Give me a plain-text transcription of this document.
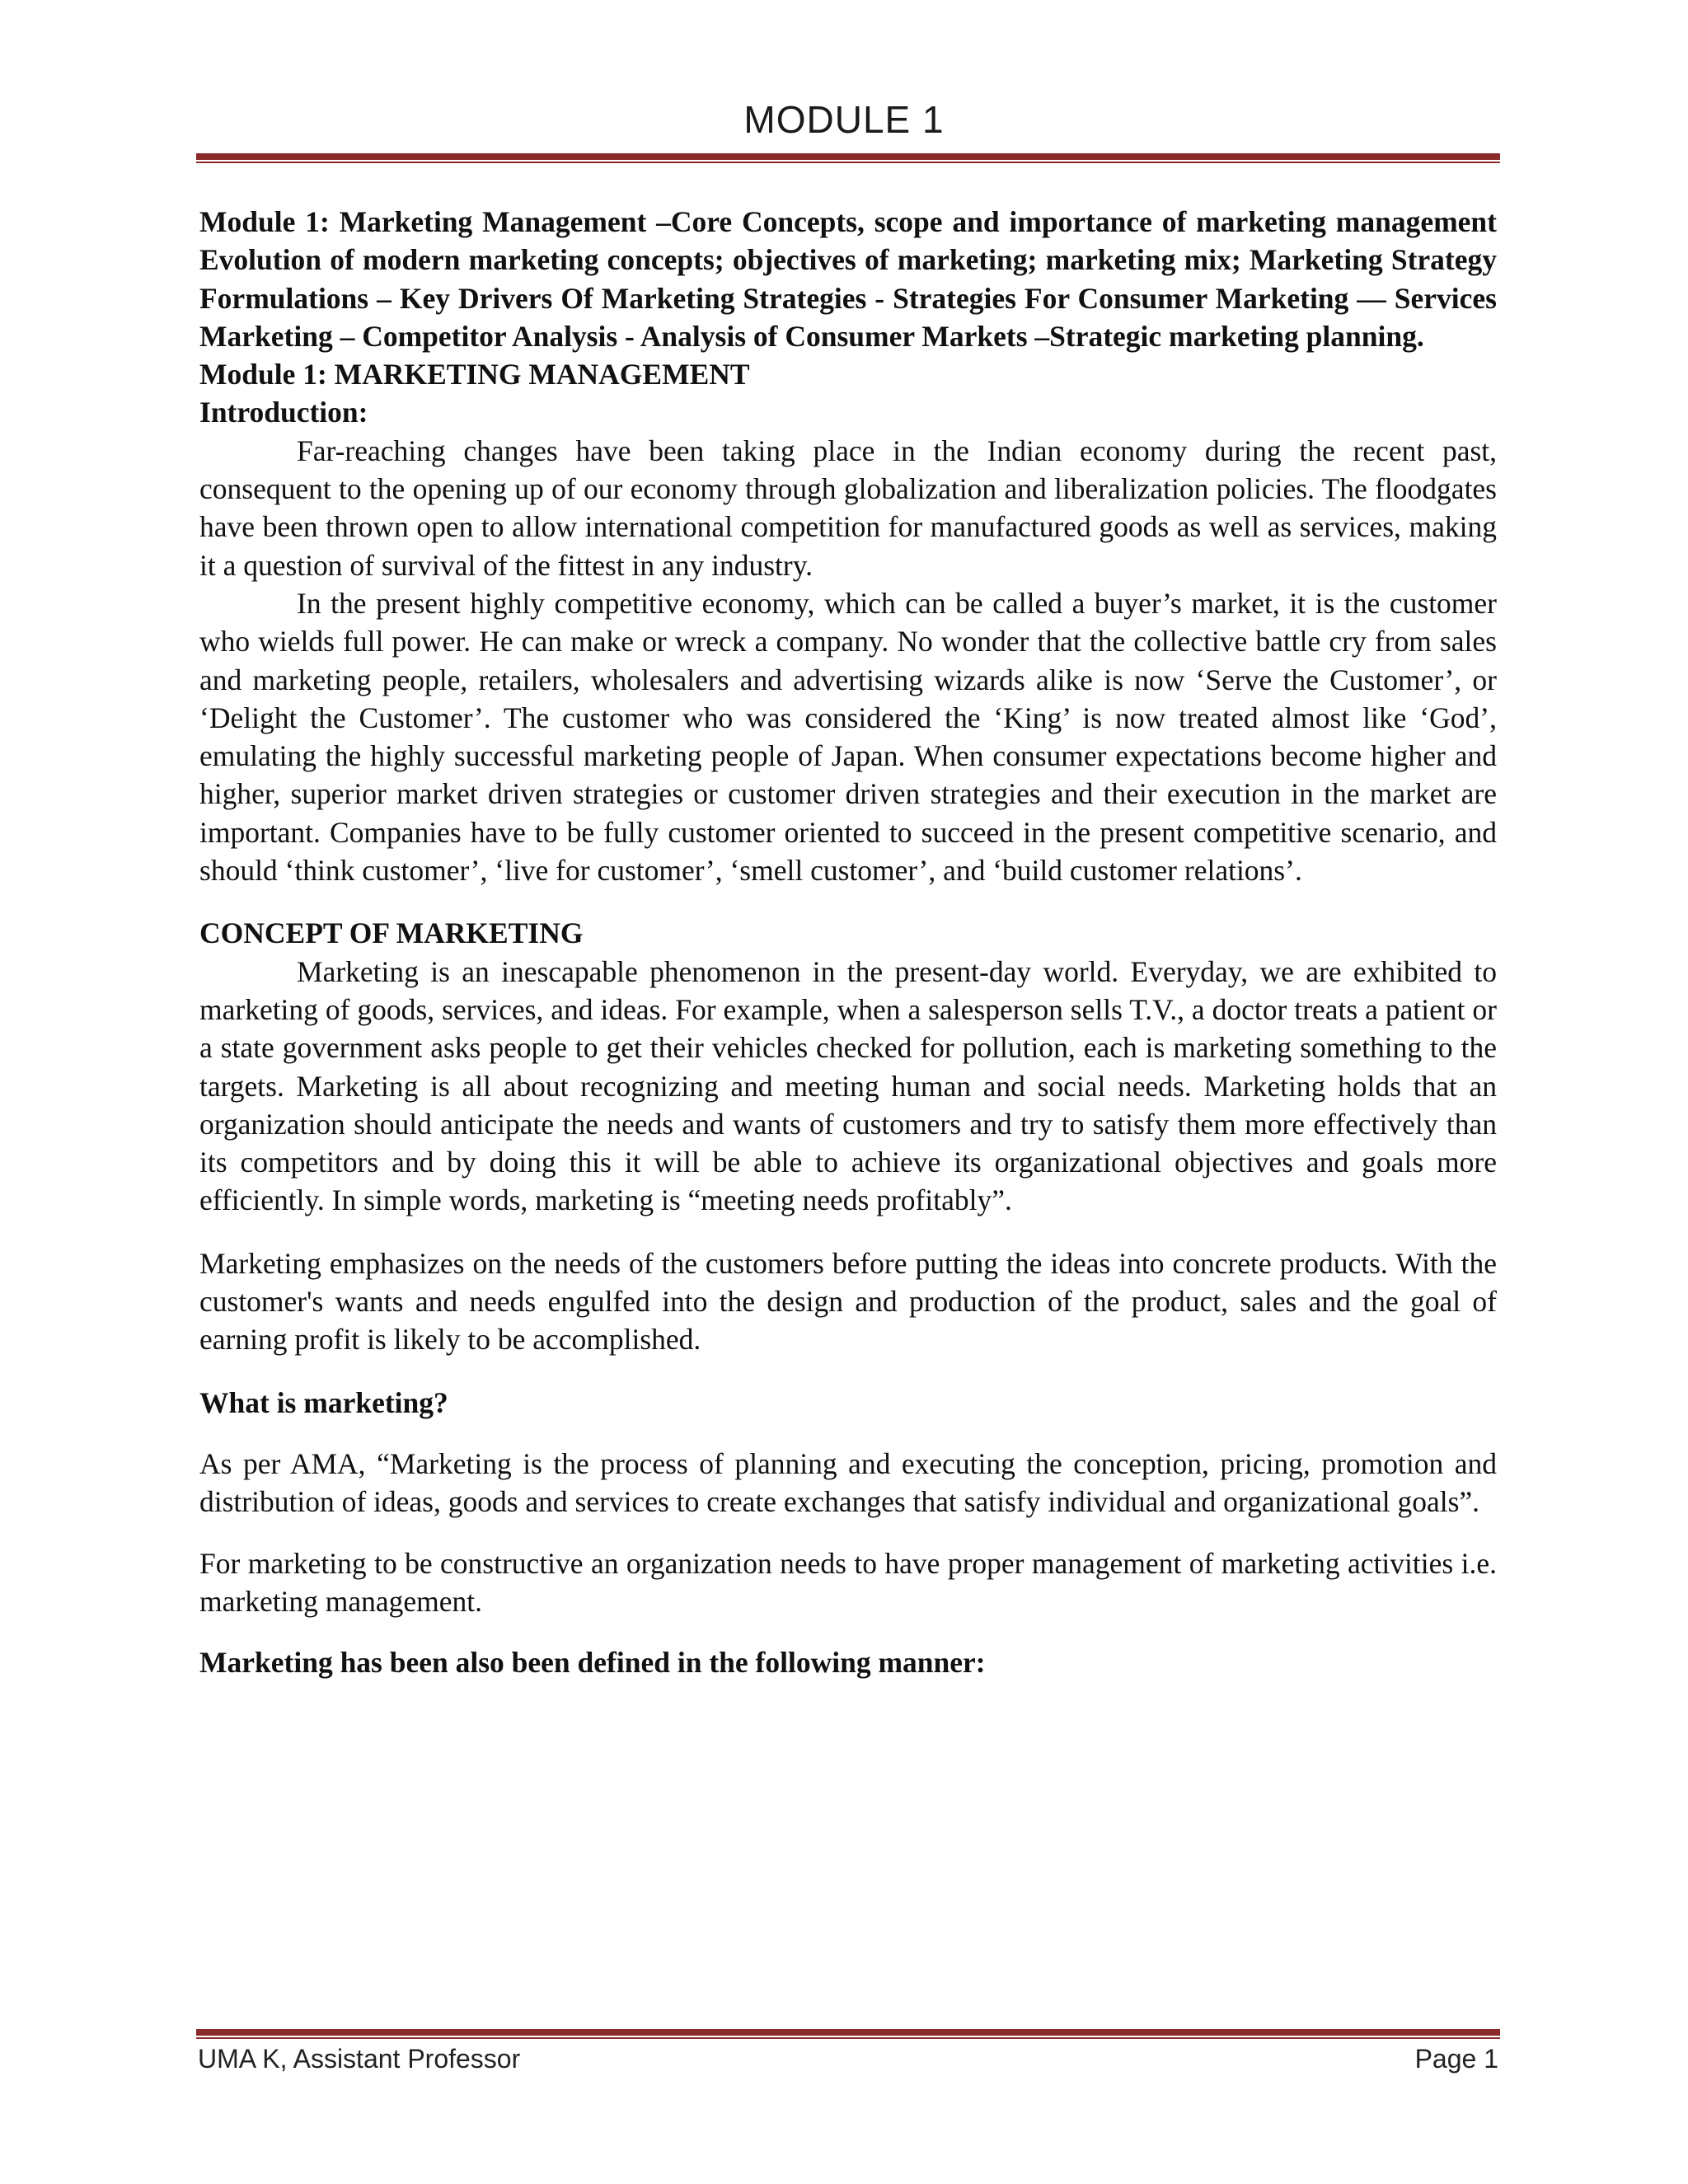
MODULE 1

Module 1: Marketing Management –Core Concepts, scope and importance of marketing management Evolution of modern marketing concepts; objectives of marketing; marketing mix; Marketing Strategy Formulations – Key Drivers Of Marketing Strategies - Strategies For Consumer Marketing — Services Marketing – Competitor Analysis - Analysis of Consumer Markets –Strategic marketing planning.

Module 1: MARKETING MANAGEMENT

Introduction:

Far-reaching changes have been taking place in the Indian economy during the recent past, consequent to the opening up of our economy through globalization and liberalization policies. The floodgates have been thrown open to allow international competition for manufactured goods as well as services, making it a question of survival of the fittest in any industry.

In the present highly competitive economy, which can be called a buyer’s market, it is the customer who wields full power. He can make or wreck a company. No wonder that the collective battle cry from sales and marketing people, retailers, wholesalers and advertising wizards alike is now ‘Serve the Customer’, or ‘Delight the Customer’. The customer who was considered the ‘King’ is now treated almost like ‘God’, emulating the highly successful marketing people of Japan. When consumer expectations become higher and higher, superior market driven strategies or customer driven strategies and their execution in the market are important. Companies have to be fully customer oriented to succeed in the present competitive scenario, and should ‘think customer’, ‘live for customer’, ‘smell customer’, and ‘build customer relations’.

CONCEPT OF MARKETING

Marketing is an inescapable phenomenon in the present-day world. Everyday, we are exhibited to marketing of goods, services, and ideas. For example, when a salesperson sells T.V., a doctor treats a patient or a state government asks people to get their vehicles checked for pollution, each is marketing something to the targets. Marketing is all about recognizing and meeting human and social needs. Marketing holds that an organization should anticipate the needs and wants of customers and try to satisfy them more effectively than its competitors and by doing this it will be able to achieve its organizational objectives and goals more efficiently. In simple words, marketing is “meeting needs profitably”.

Marketing emphasizes on the needs of the customers before putting the ideas into concrete products. With the customer's wants and needs engulfed into the design and production of the product, sales and the goal of earning profit is likely to be accomplished.

What is marketing?

As per AMA, “Marketing is the process of planning and executing the conception, pricing, promotion and distribution of ideas, goods and services to create exchanges that satisfy individual and organizational goals”.

For marketing to be constructive an organization needs to have proper management of marketing activities i.e. marketing management.

Marketing has been also been defined in the following manner:

UMA K, Assistant Professor	Page 1
